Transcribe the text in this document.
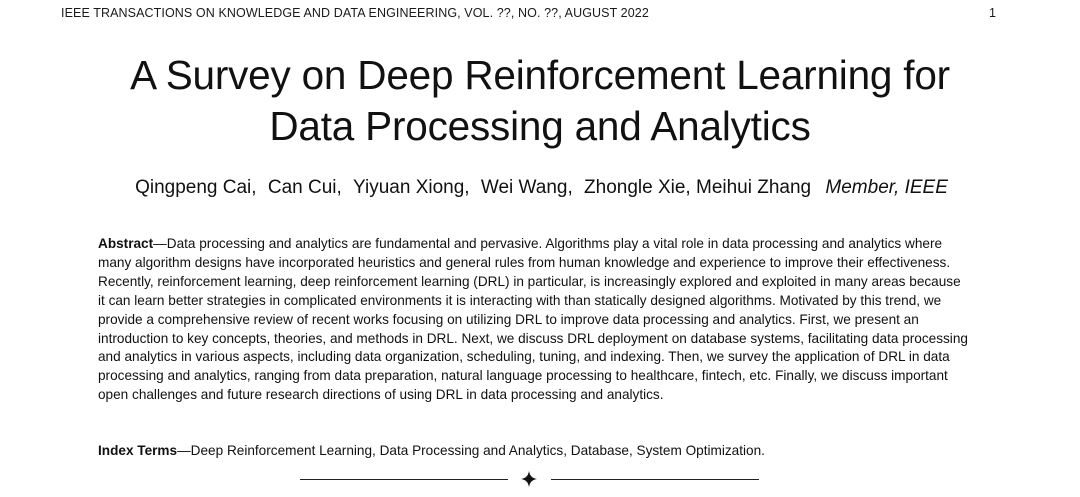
IEEE TRANSACTIONS ON KNOWLEDGE AND DATA ENGINEERING, VOL. ??, NO. ??, AUGUST 2022	1
A Survey on Deep Reinforcement Learning for
Data Processing and Analytics
Qingpeng Cai, Can Cui, Yiyuan Xiong, Wei Wang, Zhongle Xie, Meihui Zhang Member, IEEE

Abstract—Data processing and analytics are fundamental and pervasive. Algorithms play a vital role in data processing and analytics where many algorithm designs have incorporated heuristics and general rules from human knowledge and experience to improve their effectiveness. Recently, reinforcement learning, deep reinforcement learning (DRL) in particular, is increasingly explored and exploited in many areas because it can learn better strategies in complicated environments it is interacting with than statically designed algorithms. Motivated by this trend, we provide a comprehensive review of recent works focusing on utilizing DRL to improve data processing and analytics. First, we present an introduction to key concepts, theories, and methods in DRL. Next, we discuss DRL deployment on database systems, facilitating data processing and analytics in various aspects, including data organization, scheduling, tuning, and indexing. Then, we survey the application of DRL in data processing and analytics, ranging from data preparation, natural language processing to healthcare, fintech, etc. Finally, we discuss important open challenges and future research directions of using DRL in data processing and analytics.

Index Terms—Deep Reinforcement Learning, Data Processing and Analytics, Database, System Optimization.
